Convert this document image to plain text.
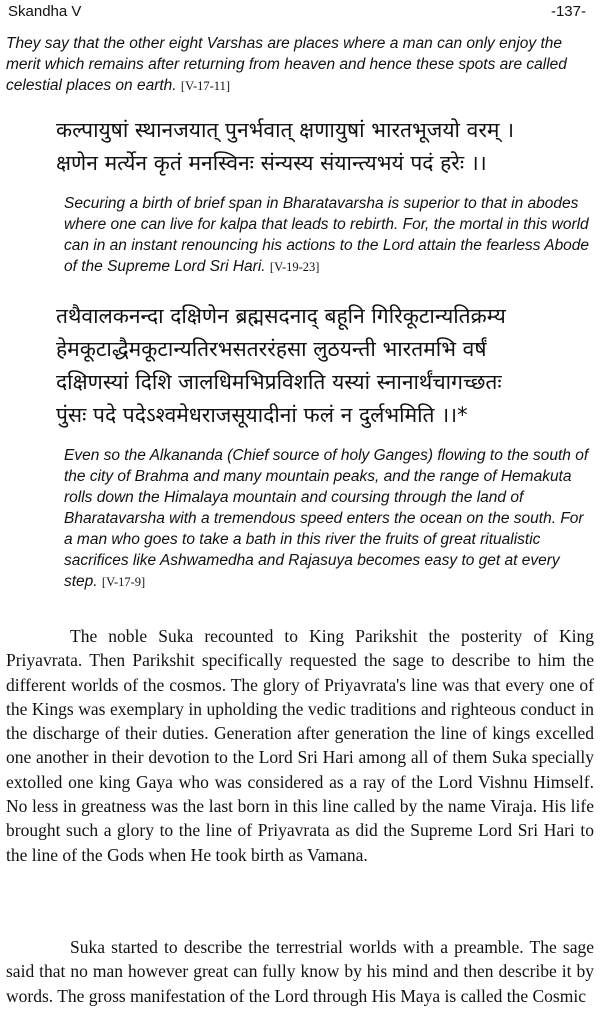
Skandha V	-137-
They say that the other eight Varshas are places where a man can only enjoy the merit which remains after returning from heaven and hence these spots are called celestial places on earth. [V-17-11]
कल्पायुषां स्थानजयात् पुनर्भवात् क्षणायुषां भारतभूजयो वरम् ।
क्षणेन मर्त्येन कृतं मनस्विनः संन्यस्य संयान्त्यभयं पदं हरेः ।।
Securing a birth of brief span in Bharatavarsha is superior to that in abodes where one can live for kalpa that leads to rebirth. For, the mortal in this world can in an instant renouncing his actions to the Lord attain the fearless Abode of the Supreme Lord Sri Hari. [V-19-23]
तथैवालकनन्दा दक्षिणेन ब्रह्मसदनाद् बहूनि गिरिकूटान्यतिक्रम्य
हेमकूटाद्धैमकूटान्यतिरभसतररंहसा लुठयन्ती भारतमभि वर्षं
दक्षिणस्यां दिशि जालधिमभिप्रविशति यस्यां स्नानार्थंचागच्छतः
पुंसः पदे पदेऽश्वमेधराजसूयादीनां फलं न दुर्लभमिति ।।*
Even so the Alkananda (Chief source of holy Ganges) flowing to the south of the city of Brahma and many mountain peaks, and the range of Hemakuta rolls down the Himalaya mountain and coursing through the land of Bharatavarsha with a tremendous speed enters the ocean on the south. For a man who goes to take a bath in this river the fruits of great ritualistic sacrifices like Ashwamedha and Rajasuya becomes easy to get at every step. [V-17-9]

The noble Suka recounted to King Parikshit the posterity of King Priyavrata. Then Parikshit specifically requested the sage to describe to him the different worlds of the cosmos. The glory of Priyavrata's line was that every one of the Kings was exemplary in upholding the vedic traditions and righteous conduct in the discharge of their duties. Generation after generation the line of kings excelled one another in their devotion to the Lord Sri Hari among all of them Suka specially extolled one king Gaya who was considered as a ray of the Lord Vishnu Himself. No less in greatness was the last born in this line called by the name Viraja. His life brought such a glory to the line of Priyavrata as did the Supreme Lord Sri Hari to the line of the Gods when He took birth as Vamana.

Suka started to describe the terrestrial worlds with a preamble. The sage said that no man however great can fully know by his mind and then describe it by words. The gross manifestation of the Lord through His Maya is called the Cosmic
